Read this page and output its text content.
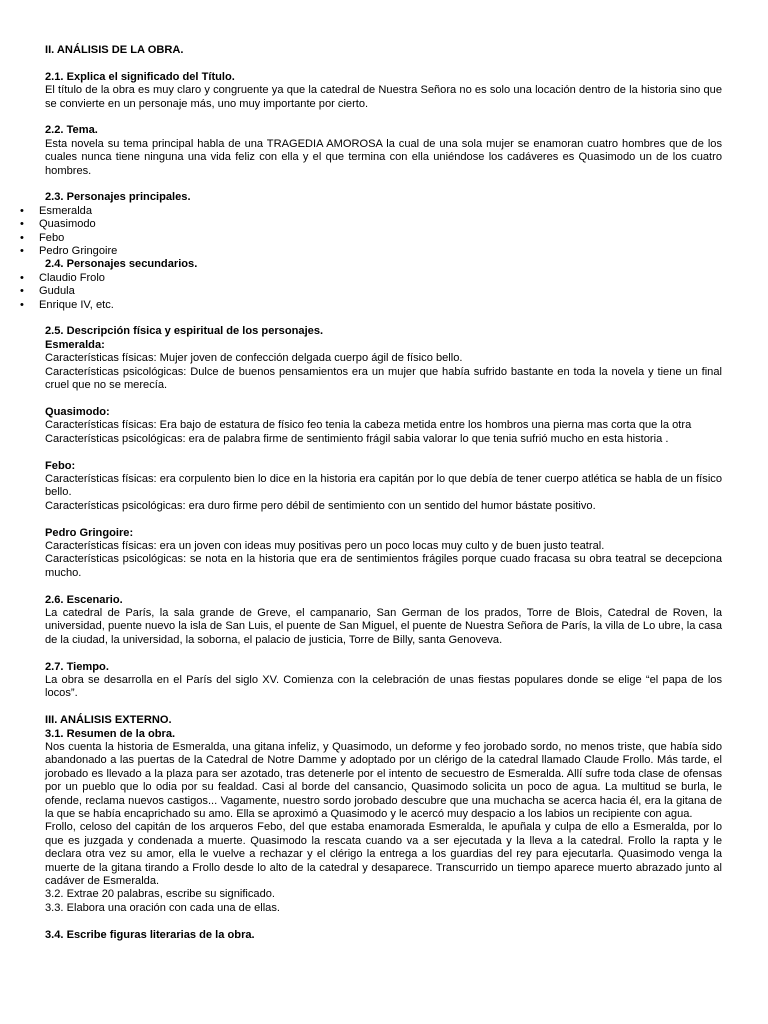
II. ANÁLISIS DE LA OBRA.

2.1. Explica el significado del Título.

El título de la obra es muy claro y congruente ya que la catedral de Nuestra Señora no es solo una locación dentro de la historia sino que se convierte en un personaje más, uno muy importante por cierto.

2.2. Tema.

Esta novela su tema principal habla de una TRAGEDIA AMOROSA la cual de una sola mujer se enamoran cuatro hombres que de los cuales nunca tiene ninguna una vida feliz con ella y el que termina con ella uniéndose los cadáveres es Quasimodo un de los cuatro hombres.

2.3. Personajes principales.

• Esmeralda
• Quasimodo
• Febo
• Pedro Gringoire

2.4. Personajes secundarios.

• Claudio Frolo
• Gudula
• Enrique IV, etc.

2.5. Descripción física y espiritual de los personajes.

Esmeralda:

Características físicas: Mujer joven de confección delgada cuerpo ágil de físico bello.

Características psicológicas: Dulce de buenos pensamientos era un mujer que había sufrido bastante en toda la novela y tiene un final cruel que no se merecía.

Quasimodo:

Características físicas: Era bajo de estatura de físico feo tenia la cabeza metida entre los hombros una pierna mas corta que la otra

Características psicológicas: era de palabra firme de sentimiento frágil sabia valorar lo que tenia sufrió mucho en esta historia .

Febo:

Características físicas: era corpulento bien lo dice en la historia era capitán por lo que debía de tener cuerpo atlética se habla de un físico bello.

Características psicológicas: era duro firme pero débil de sentimiento con un sentido del humor bástate positivo.

Pedro Gringoire:

Características físicas: era un joven con ideas muy positivas pero un poco locas muy culto y de buen justo teatral.

Características psicológicas: se nota en la historia que era de sentimientos frágiles porque cuado fracasa su obra teatral se decepciona mucho.

2.6. Escenario.

La catedral de París, la sala grande de Greve, el campanario, San German de los prados, Torre de Blois, Catedral de Roven, la universidad, puente nuevo la isla de San Luis, el puente de San Miguel, el puente de Nuestra Señora de París, la villa de Lo ubre, la casa de la ciudad, la universidad, la soborna, el palacio de justicia, Torre de Billy, santa Genoveva.

2.7. Tiempo.

La obra se desarrolla en el París del siglo XV. Comienza con la celebración de unas fiestas populares donde se elige “el papa de los locos”.

III. ANÁLISIS EXTERNO.

3.1. Resumen de la obra.

Nos cuenta la historia de Esmeralda, una gitana infeliz, y Quasimodo, un deforme y feo jorobado sordo, no menos triste, que había sido abandonado a las puertas de la Catedral de Notre Damme y adoptado por un clérigo de la catedral llamado Claude Frollo. Más tarde, el jorobado es llevado a la plaza para ser azotado, tras detenerle por el intento de secuestro de Esmeralda. Allí sufre toda clase de ofensas por un pueblo que lo odia por su fealdad. Casi al borde del cansancio, Quasimodo solicita un poco de agua. La multitud se burla, le ofende, reclama nuevos castigos... Vagamente, nuestro sordo jorobado descubre que una muchacha se acerca hacia él, era la gitana de la que se había encaprichado su amo. Ella se aproximó a Quasimodo y le acercó muy despacio a los labios un recipiente con agua.

Frollo, celoso del capitán de los arqueros Febo, del que estaba enamorada Esmeralda, le apuñala y culpa de ello a Esmeralda, por lo que es juzgada y condenada a muerte. Quasimodo la rescata cuando va a ser ejecutada y la lleva a la catedral. Frollo la rapta y le declara otra vez su amor, ella le vuelve a rechazar y el clérigo la entrega a los guardias del rey para ejecutarla. Quasimodo venga la muerte de la gitana tirando a Frollo desde lo alto de la catedral y desaparece. Transcurrido un tiempo aparece muerto abrazado junto al cadáver de Esmeralda.

3.2. Extrae 20 palabras, escribe su significado.

3.3. Elabora una oración con cada una de ellas.

3.4. Escribe figuras literarias de la obra.
